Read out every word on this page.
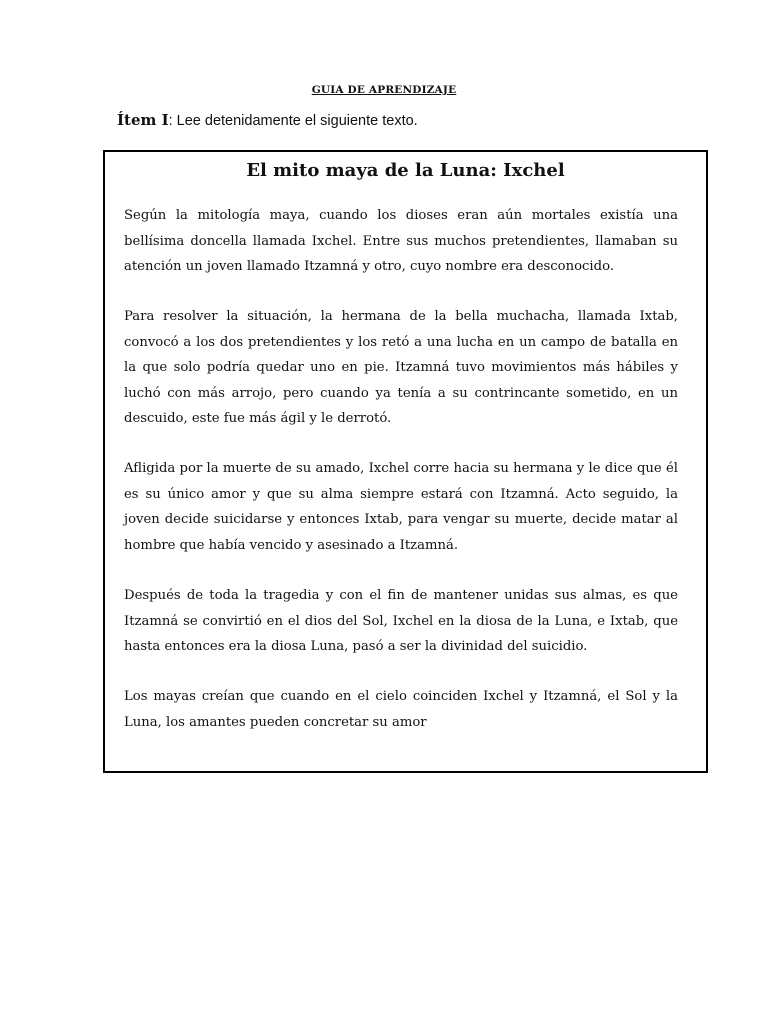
GUIA DE APRENDIZAJE
Ítem I: Lee detenidamente el siguiente texto.
El mito maya de la Luna: Ixchel

Según la mitología maya, cuando los dioses eran aún mortales existía una bellísima doncella llamada Ixchel. Entre sus muchos pretendientes, llamaban su atención un joven llamado Itzamná y otro, cuyo nombre era desconocido.

Para resolver la situación, la hermana de la bella muchacha, llamada Ixtab, convocó a los dos pretendientes y los retó a una lucha en un campo de batalla en la que solo podría quedar uno en pie. Itzamná tuvo movimientos más hábiles y luchó con más arrojo, pero cuando ya tenía a su contrincante sometido, en un descuido, este fue más ágil y le derrotó.

Afligida por la muerte de su amado, Ixchel corre hacia su hermana y le dice que él es su único amor y que su alma siempre estará con Itzamná. Acto seguido, la joven decide suicidarse y entonces Ixtab, para vengar su muerte, decide matar al hombre que había vencido y asesinado a Itzamná.

Después de toda la tragedia y con el fin de mantener unidas sus almas, es que Itzamná se convirtió en el dios del Sol, Ixchel en la diosa de la Luna, e Ixtab, que hasta entonces era la diosa Luna, pasó a ser la divinidad del suicidio.

Los mayas creían que cuando en el cielo coinciden Ixchel y Itzamná, el Sol y la Luna, los amantes pueden concretar su amor
